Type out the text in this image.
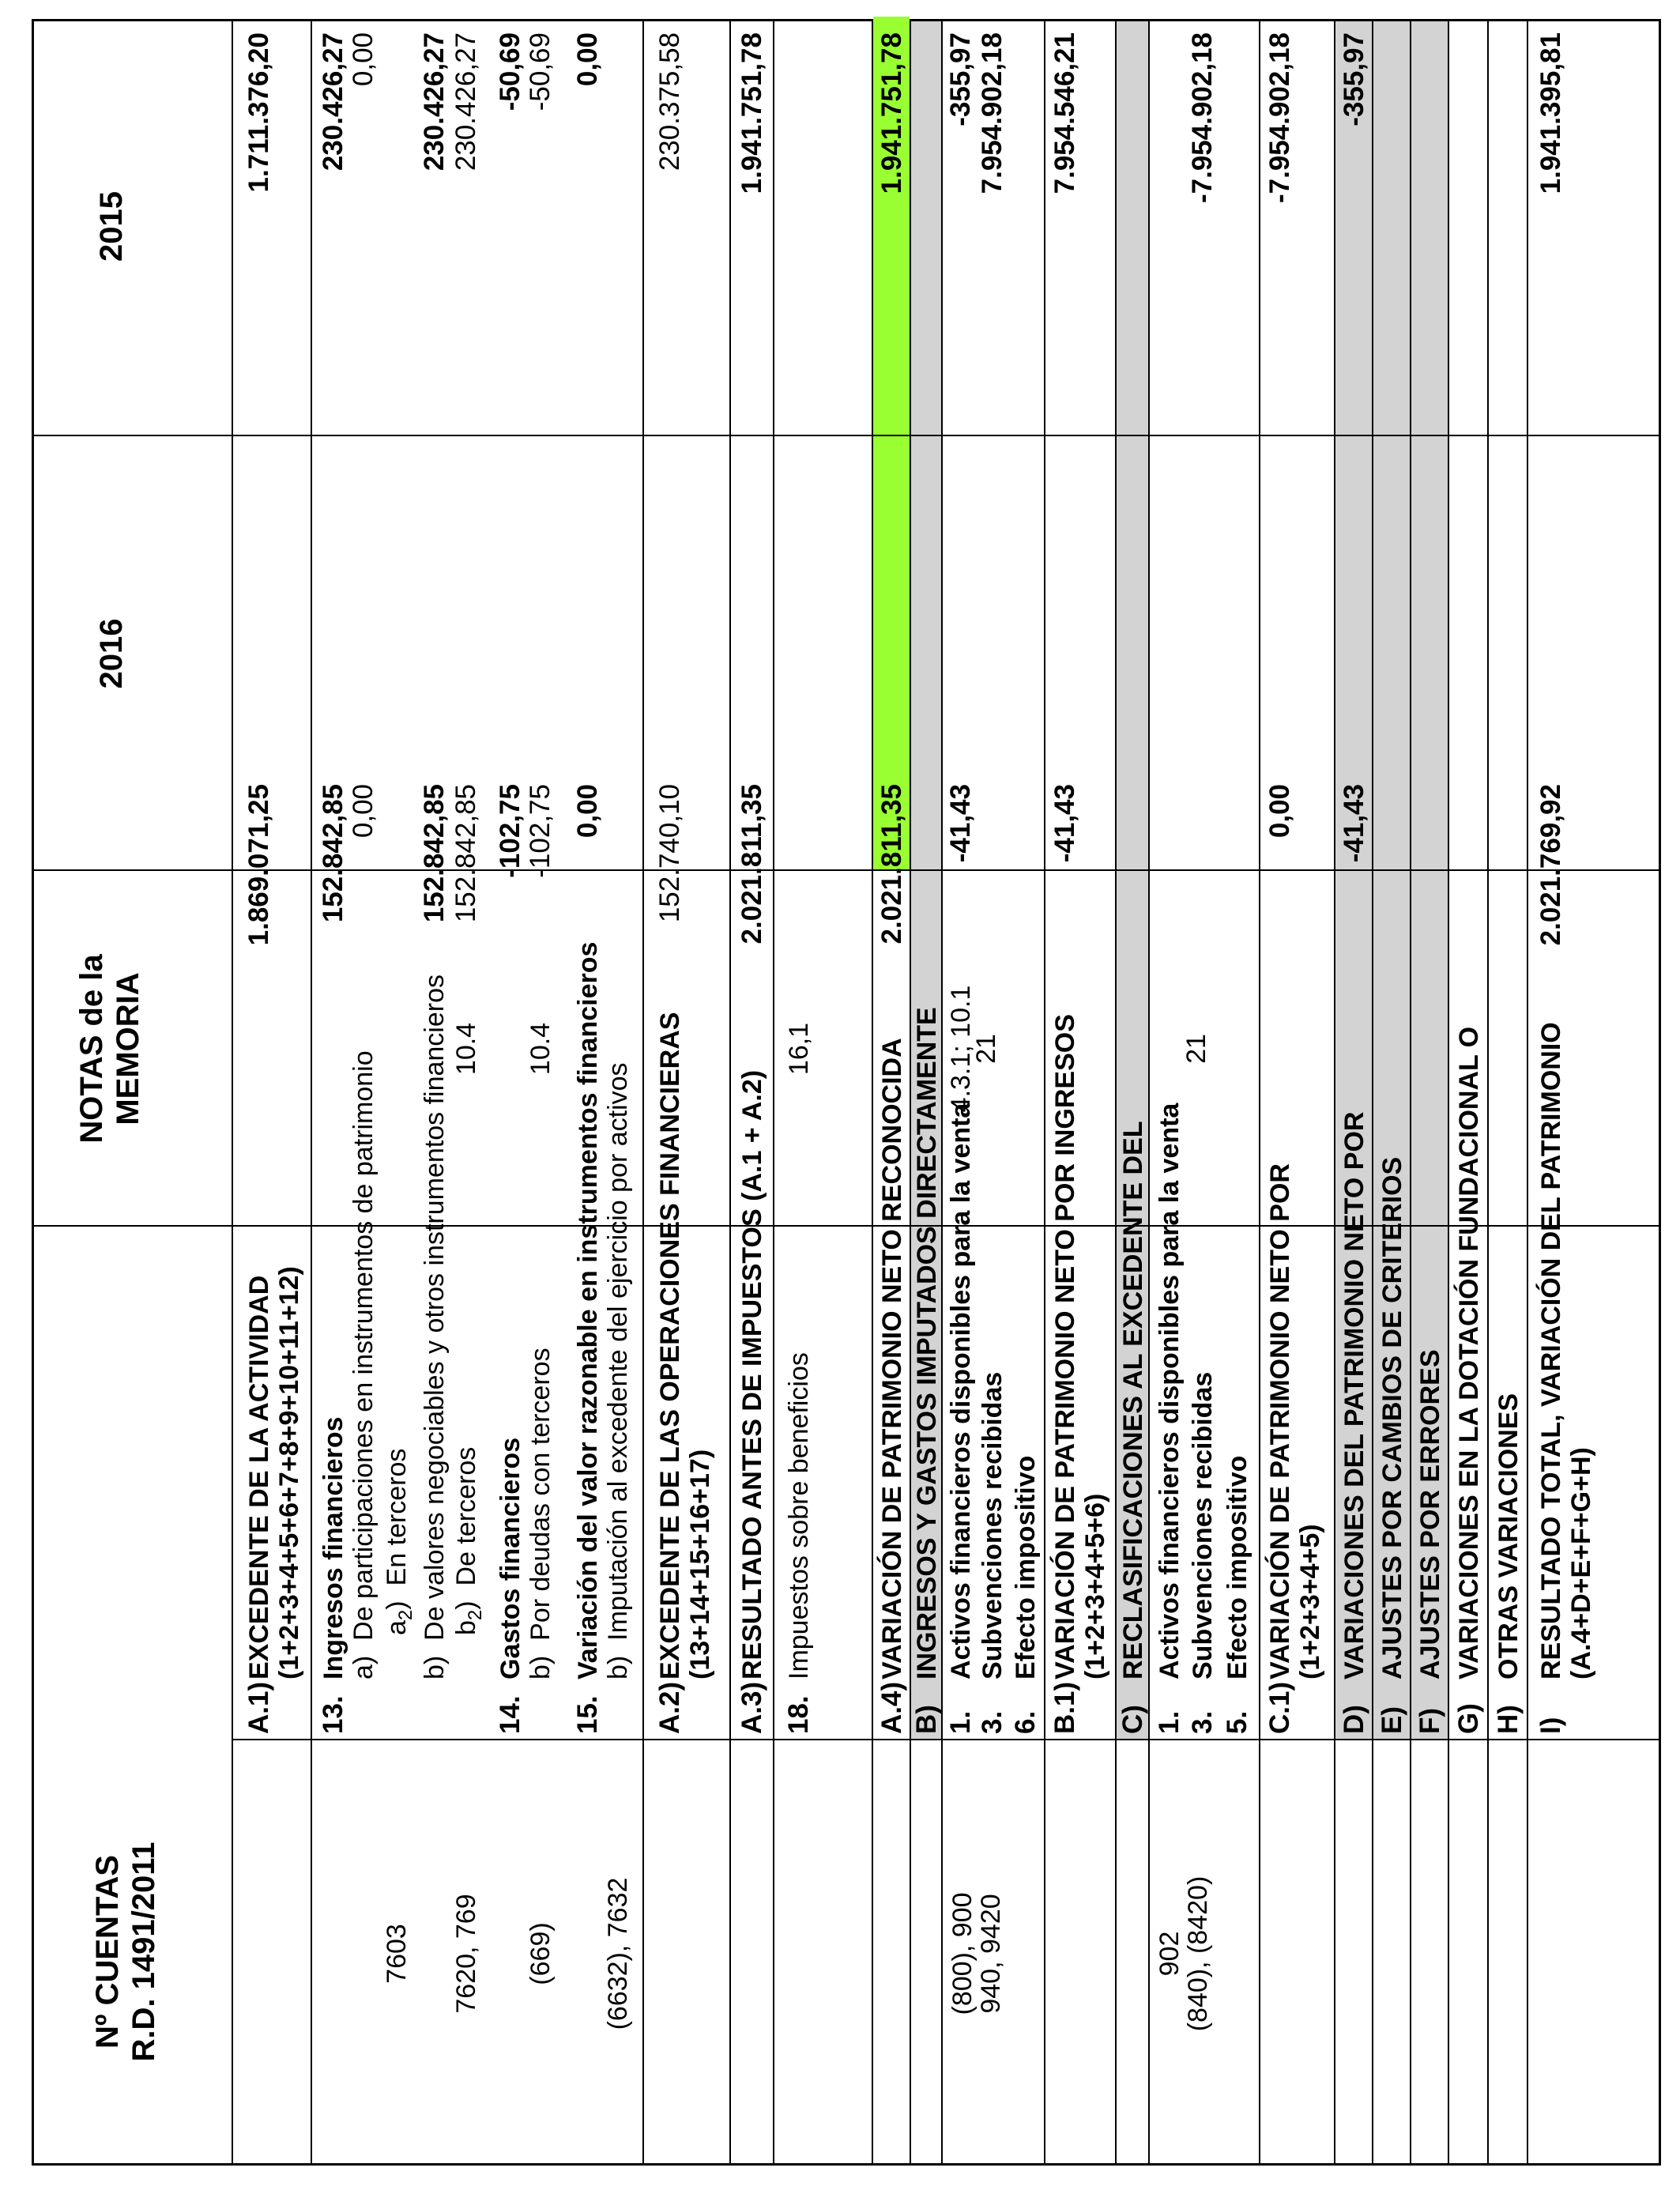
Nº CUENTAS R.D. 1491/2011
NOTAS de la MEMORIA
2016
2015
A.1)
EXCEDENTE DE LA ACTIVIDAD (1+2+3+4+5+6+7+8+9+10+11+12)
1.869.071,25
1.711.376,20
13.
Ingresos financieros
152.842,85
230.426,27
a)  De participaciones en instrumentos de patrimonio
0,00
0,00
7603
$a_2$)  En terceros
b)  De valores negociables y otros instrumentos financieros
152.842,85
230.426,27
7620, 769
$b_2$)  De terceros
10.4
152.842,85
230.426,27
14.
Gastos financieros
-102,75
-50,69
(669)
b)  Por deudas con terceros
10.4
-102,75
-50,69
15.
Variación del valor razonable en instrumentos financieros
0,00
0,00
(6632), 7632
b)  Imputación al excedente del ejercicio por activos
A.2)
EXCEDENTE DE LAS OPERACIONES FINANCIERAS (13+14+15+16+17)
152.740,10
230.375,58
A.3)
RESULTADO ANTES DE IMPUESTOS (A.1 + A.2)
2.021.811,35
1.941.751,78
18.
Impuestos sobre beneficios
16,1
A.4)
VARIACIÓN DE PATRIMONIO NETO RECONOCIDA
2.021.811,35
1.941.751,78
B)
INGRESOS Y GASTOS IMPUTADOS DIRECTAMENTE
(800), 900
940, 9420
1.
Activos financieros disponibles para la venta
4.3.1; 10.1
-41,43
-355,97
3.
Subvenciones recibidas
21
7.954.902,18
6.
Efecto impositivo
B.1)
VARIACIÓN DE PATRIMONIO NETO POR INGRESOS (1+2+3+4+5+6)
-41,43
7.954.546,21
C)
RECLASIFICACIONES AL EXCEDENTE DEL
902
(840), (8420)
1.
Activos financieros disponibles para la venta
3.
Subvenciones recibidas
21
-7.954.902,18
5.
Efecto impositivo
C.1)
VARIACIÓN DE PATRIMONIO NETO POR (1+2+3+4+5)
0,00
-7.954.902,18
D)
VARIACIONES DEL PATRIMONIO NETO POR
-41,43
-355,97
E)
AJUSTES POR CAMBIOS DE CRITERIOS
F)
AJUSTES POR ERRORES
G)
VARIACIONES EN LA DOTACIÓN FUNDACIONAL O
H)
OTRAS VARIACIONES
I)
RESULTADO TOTAL, VARIACIÓN DEL PATRIMONIO (A.4+D+E+F+G+H)
2.021.769,92
1.941.395,81
